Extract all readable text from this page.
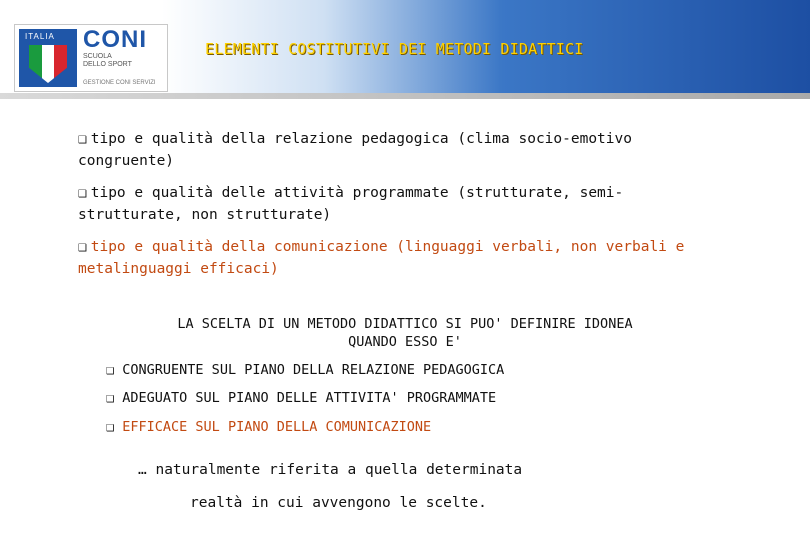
ITALIA CONI
SCUOLA
DELLO SPORT
GESTIONE CONI SERVIZI
ELEMENTI COSTITUTIVI DEI METODI DIDATTICI
❑ tipo e qualità della relazione pedagogica (clima socio-emotivo congruente)
❑ tipo e qualità delle attività programmate (strutturate, semi-strutturate, non strutturate)
❑ tipo e qualità della comunicazione (linguaggi verbali, non verbali e metalinguaggi efficaci)
LA SCELTA DI UN METODO DIDATTICO SI PUO' DEFINIRE IDONEA
QUANDO ESSO E'
❑ CONGRUENTE SUL PIANO DELLA RELAZIONE PEDAGOGICA
❑ ADEGUATO SUL PIANO DELLE ATTIVITA' PROGRAMMATE
❑ EFFICACE SUL PIANO DELLA COMUNICAZIONE
… naturalmente riferita a quella determinata
realtà in cui avvengono le scelte.
